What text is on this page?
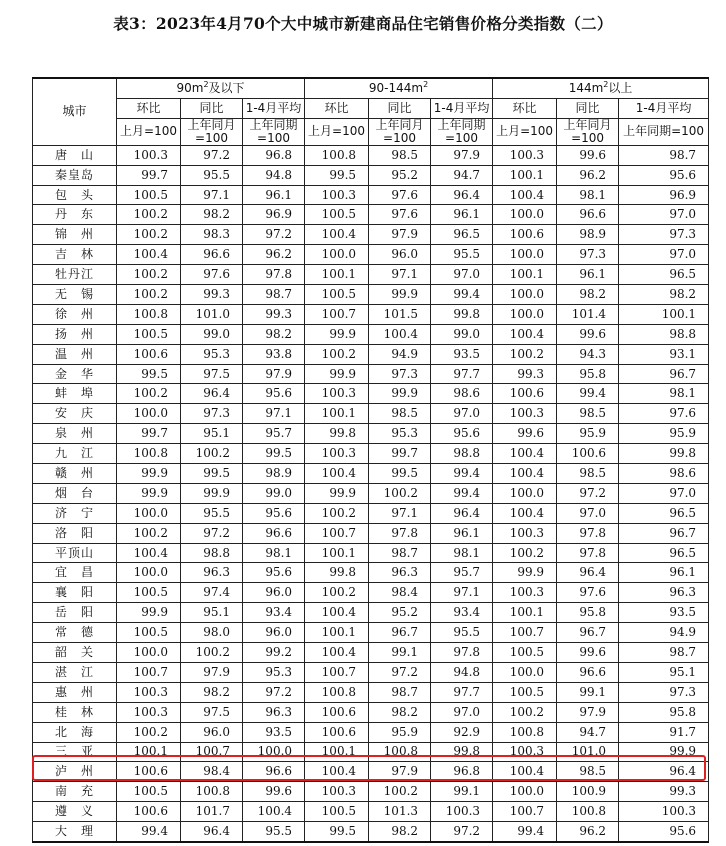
表3：2023年4月70个大中城市新建商品住宅销售价格分类指数（二）
城市	$90m^2$及以下			$90-144m^2$			$144m^2$以上		
	环比	同比	1-4月平均	环比	同比	1-4月平均	环比	同比	1-4月平均
	上月=100	上年同月=100	上年同期=100	上月=100	上年同月=100	上年同期=100	上月=100	上年同月=100	上年同期=100
唐　山	100.3	97.2	96.8	100.8	98.5	97.9	100.3	99.6	98.7
秦皇岛	99.7	95.5	94.8	99.5	95.2	94.7	100.1	96.2	95.6
包　头	100.5	97.1	96.1	100.3	97.6	96.4	100.4	98.1	96.9
丹　东	100.2	98.2	96.9	100.5	97.6	96.1	100.0	96.6	97.0
锦　州	100.2	98.3	97.2	100.4	97.9	96.5	100.6	98.9	97.3
吉　林	100.4	96.6	96.2	100.0	96.0	95.5	100.0	97.3	97.0
牡丹江	100.2	97.6	97.8	100.1	97.1	97.0	100.1	96.1	96.5
无　锡	100.2	99.3	98.7	100.5	99.9	99.4	100.0	98.2	98.2
徐　州	100.8	101.0	99.3	100.7	101.5	99.8	100.0	101.4	100.1
扬　州	100.5	99.0	98.2	99.9	100.4	99.0	100.4	99.6	98.8
温　州	100.6	95.3	93.8	100.2	94.9	93.5	100.2	94.3	93.1
金　华	99.5	97.5	97.9	99.9	97.3	97.7	99.3	95.8	96.7
蚌　埠	100.2	96.4	95.6	100.3	99.9	98.6	100.6	99.4	98.1
安　庆	100.0	97.3	97.1	100.1	98.5	97.0	100.3	98.5	97.6
泉　州	99.7	95.1	95.7	99.8	95.3	95.6	99.6	95.9	95.9
九　江	100.8	100.2	99.5	100.3	99.7	98.8	100.4	100.6	99.8
赣　州	99.9	99.5	98.9	100.4	99.5	99.4	100.4	98.5	98.6
烟　台	99.9	99.9	99.0	99.9	100.2	99.4	100.0	97.2	97.0
济　宁	100.0	95.5	95.6	100.2	97.1	96.4	100.4	97.0	96.5
洛　阳	100.2	97.2	96.6	100.7	97.8	96.1	100.3	97.8	96.7
平顶山	100.4	98.8	98.1	100.1	98.7	98.1	100.2	97.8	96.5
宜　昌	100.0	96.3	95.6	99.8	96.3	95.7	99.9	96.4	96.1
襄　阳	100.5	97.4	96.0	100.2	98.4	97.1	100.3	97.6	96.3
岳　阳	99.9	95.1	93.4	100.4	95.2	93.4	100.1	95.8	93.5
常　德	100.5	98.0	96.0	100.1	96.7	95.5	100.7	96.7	94.9
韶　关	100.0	100.2	99.2	100.4	99.1	97.8	100.5	99.6	98.7
湛　江	100.7	97.9	95.3	100.7	97.2	94.8	100.0	96.6	95.1
惠　州	100.3	98.2	97.2	100.8	98.7	97.7	100.5	99.1	97.3
桂　林	100.3	97.5	96.3	100.6	98.2	97.0	100.2	97.9	95.8
北　海	100.2	96.0	93.5	100.6	95.9	92.9	100.8	94.7	91.7
三　亚	100.1	100.7	100.0	100.1	100.8	99.8	100.3	101.0	99.9
泸　州	100.6	98.4	96.6	100.4	97.9	96.8	100.4	98.5	96.4
南　充	100.5	100.8	99.6	100.3	100.2	99.1	100.0	100.9	99.3
遵　义	100.6	101.7	100.4	100.5	101.3	100.3	100.7	100.8	100.3
大　理	99.4	96.4	95.5	99.5	98.2	97.2	99.4	96.2	95.6
